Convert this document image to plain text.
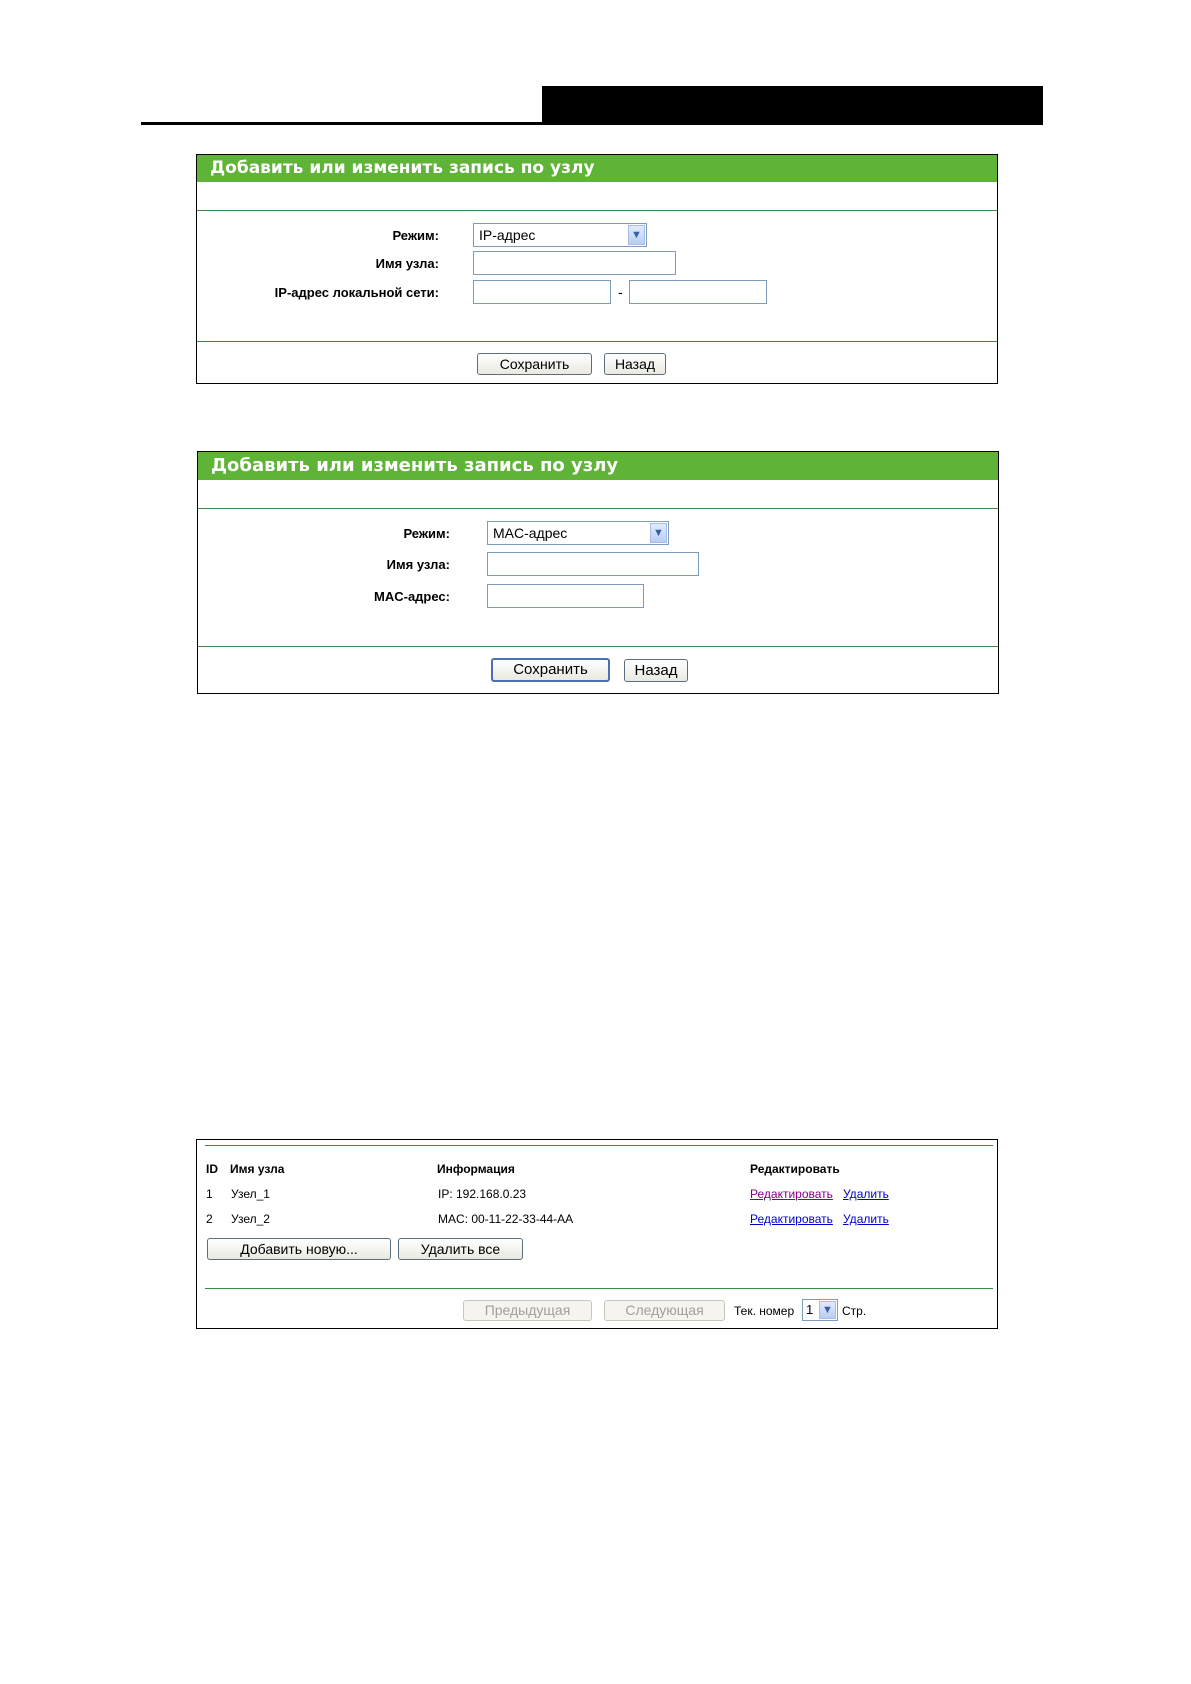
Добавить или изменить запись по узлу
Режим:	IP-адрес	▼
Имя узла:
IP-адрес локальной сети:	-
Сохранить	Назад
Добавить или изменить запись по узлу
Режим:	MAC-адрес	▼
Имя узла:
MAC-адрес:
Сохранить	Назад
ID Имя узла	Информация	Редактировать
1 Узел_1	IP: 192.168.0.23	Редактировать Удалить
2 Узел_2	MAC: 00-11-22-33-44-AA	Редактировать Удалить
Добавить новую...	Удалить все
Предыдущая	Следующая	Тек. номер 1 ▼ Стр.
